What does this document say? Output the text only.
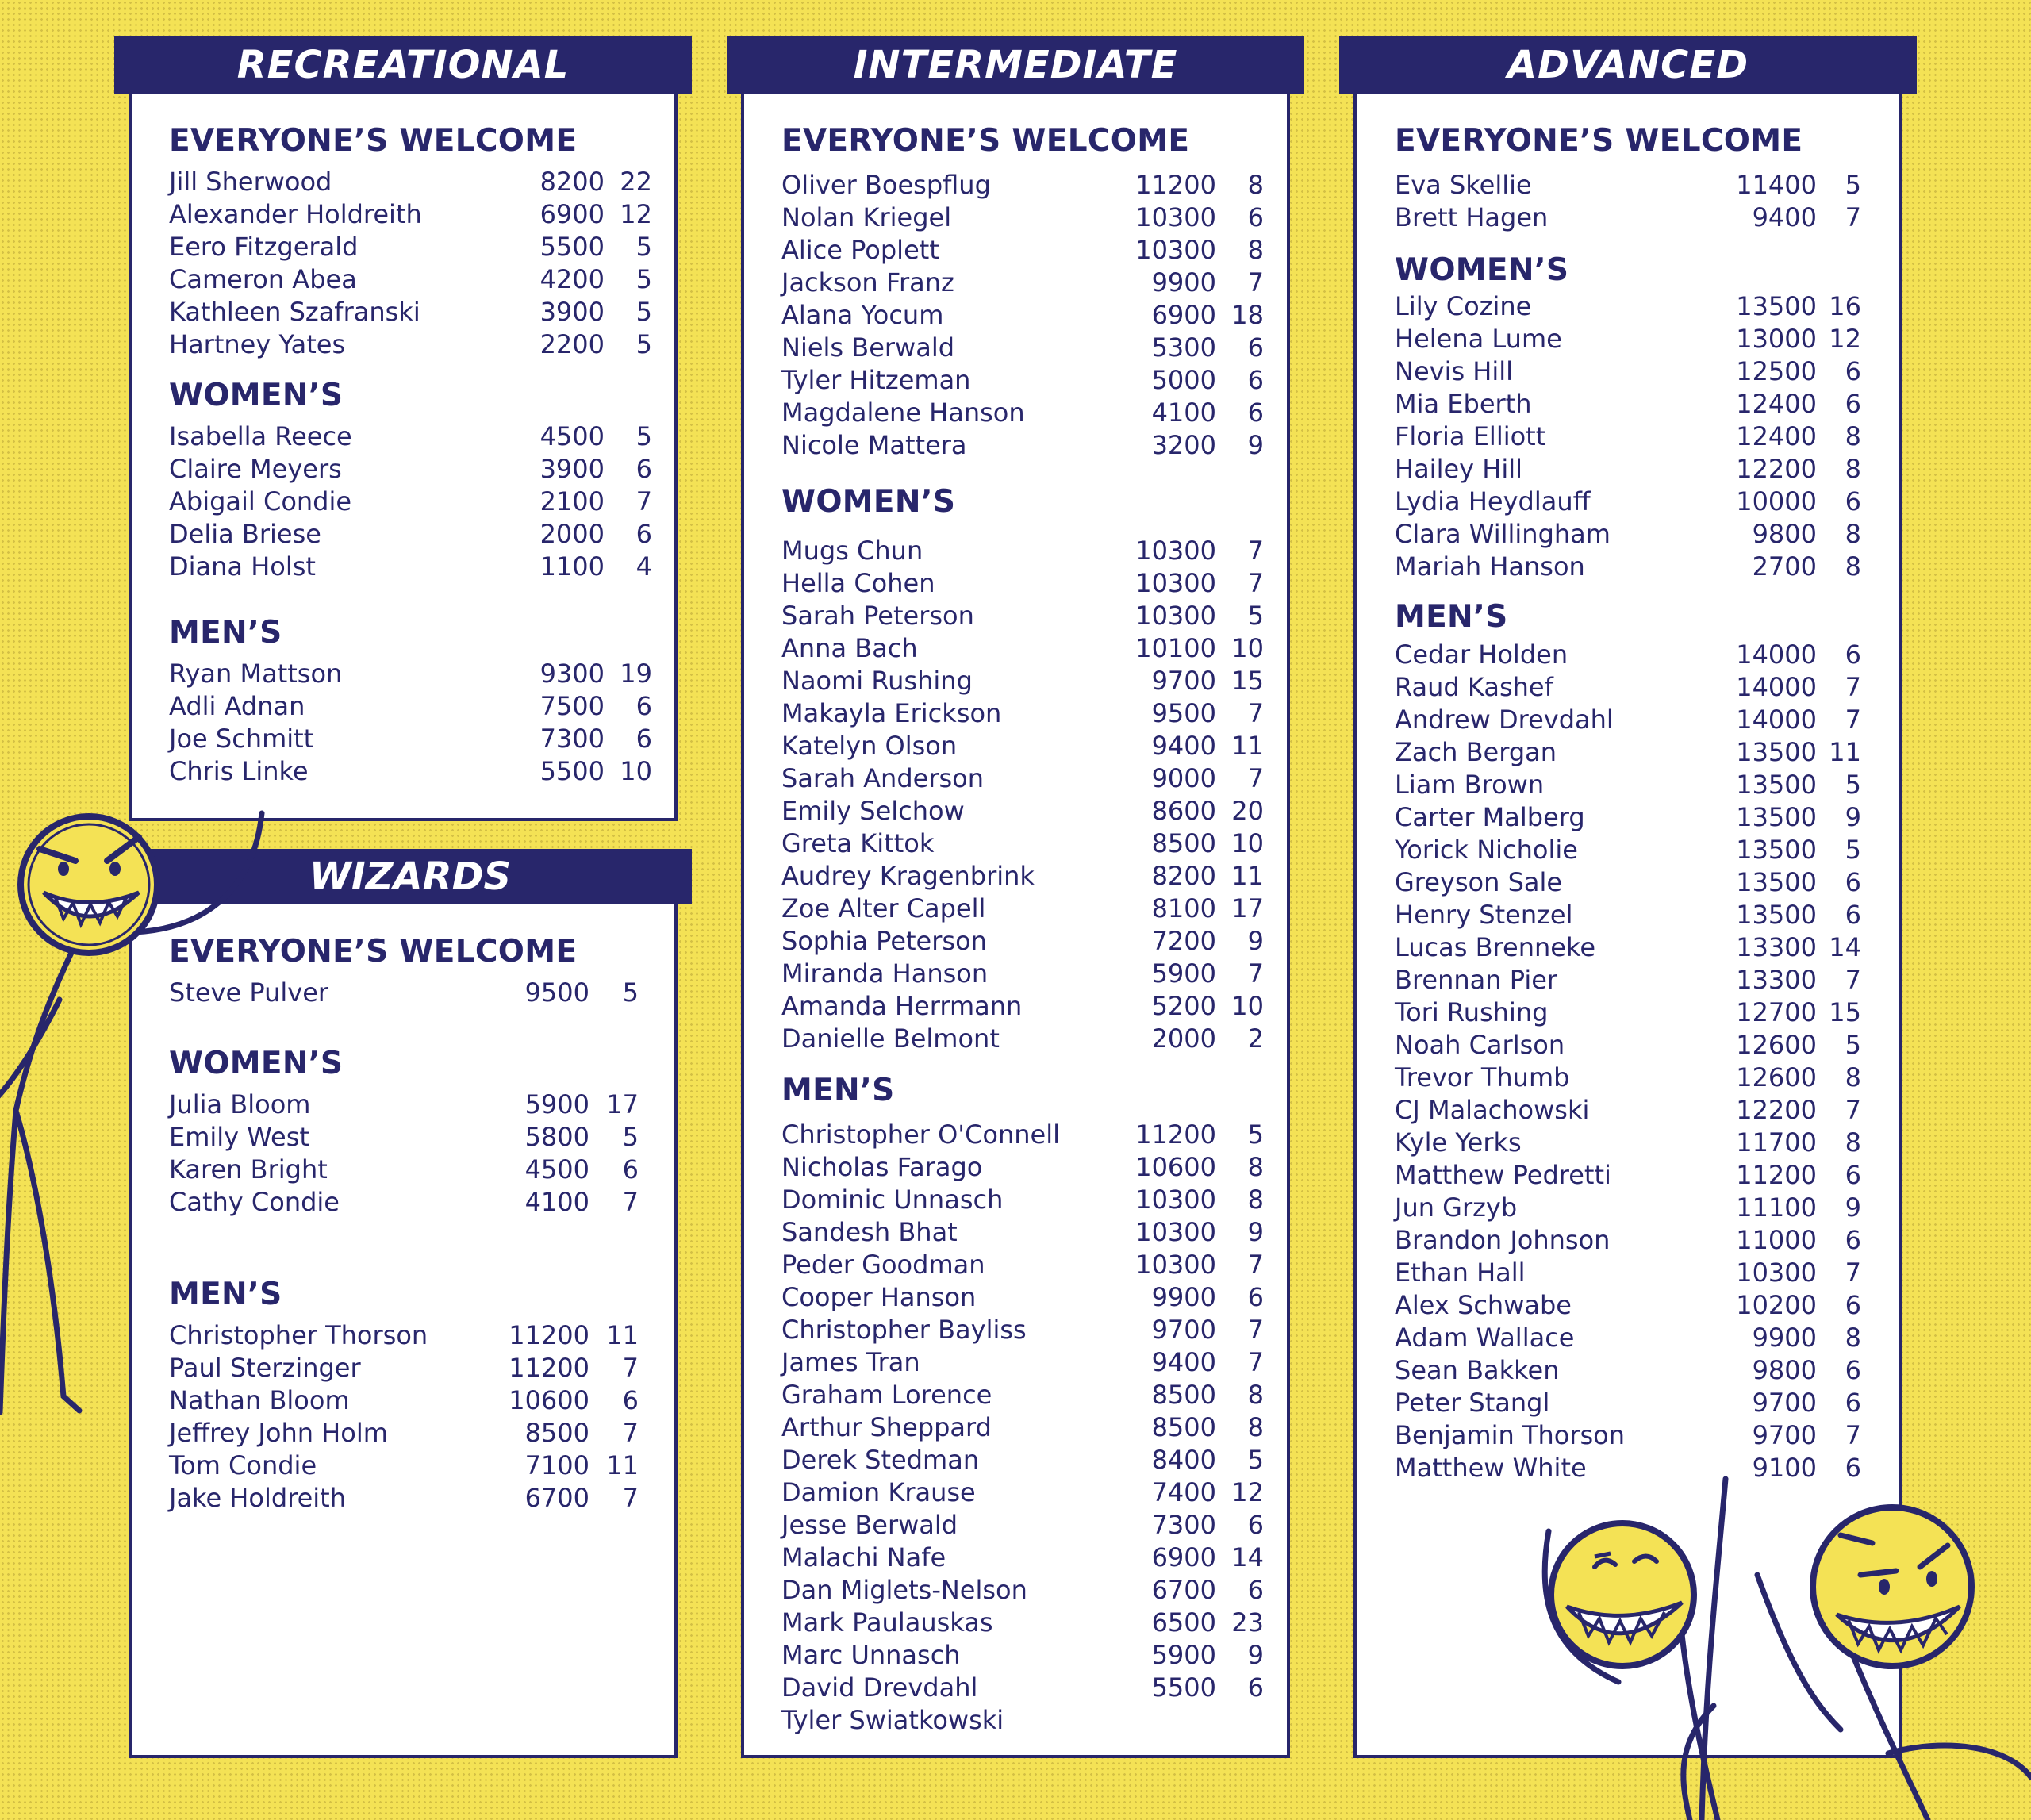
RECREATIONAL	INTERMEDIATE	ADVANCED
WIZARDS
EVERYONE’S WELCOME
Jill Sherwood	8200 22
Alexander Holdreith	6900 12
Eero Fitzgerald	5500 5
Cameron Abea	4200 5
Kathleen Szafranski	3900 5
Hartney Yates	2200 5
WOMEN’S
Isabella Reece	4500 5
Claire Meyers	3900 6
Abigail Condie	2100 7
Delia Briese	2000 6
Diana Holst	1100 4
MEN’S
Ryan Mattson	9300 19
Adli Adnan	7500 6
Joe Schmitt	7300 6
Chris Linke	5500 10
EVERYONE’S WELCOME
Steve Pulver	9500 5
WOMEN’S
Julia Bloom	5900 17
Emily West	5800 5
Karen Bright	4500 6
Cathy Condie	4100 7
MEN’S
Christopher Thorson	11200 11
Paul Sterzinger	11200 7
Nathan Bloom	10600 6
Jeffrey John Holm	8500 7
Tom Condie	7100 11
Jake Holdreith	6700 7
EVERYONE’S WELCOME
Oliver Boespflug	11200 8
Nolan Kriegel	10300 6
Alice Poplett	10300 8
Jackson Franz	9900 7
Alana Yocum	6900 18
Niels Berwald	5300 6
Tyler Hitzeman	5000 6
Magdalene Hanson	4100 6
Nicole Mattera	3200 9
WOMEN’S
Mugs Chun	10300 7
Hella Cohen	10300 7
Sarah Peterson	10300 5
Anna Bach	10100 10
Naomi Rushing	9700 15
Makayla Erickson	9500 7
Katelyn Olson	9400 11
Sarah Anderson	9000 7
Emily Selchow	8600 20
Greta Kittok	8500 10
Audrey Kragenbrink	8200 11
Zoe Alter Capell	8100 17
Sophia Peterson	7200 9
Miranda Hanson	5900 7
Amanda Herrmann	5200 10
Danielle Belmont	2000 2
MEN’S
Christopher O'Connell	11200 5
Nicholas Farago	10600 8
Dominic Unnasch	10300 8
Sandesh Bhat	10300 9
Peder Goodman	10300 7
Cooper Hanson	9900 6
Christopher Bayliss	9700 7
James Tran	9400 7
Graham Lorence	8500 8
Arthur Sheppard	8500 8
Derek Stedman	8400 5
Damion Krause	7400 12
Jesse Berwald	7300 6
Malachi Nafe	6900 14
Dan Miglets-Nelson	6700 6
Mark Paulauskas	6500 23
Marc Unnasch	5900 9
David Drevdahl	5500 6
Tyler Swiatkowski
EVERYONE’S WELCOME
Eva Skellie	11400 5
Brett Hagen	9400 7
WOMEN’S
Lily Cozine	13500 16
Helena Lume	13000 12
Nevis Hill	12500 6
Mia Eberth	12400 6
Floria Elliott	12400 8
Hailey Hill	12200 8
Lydia Heydlauff	10000 6
Clara Willingham	9800 8
Mariah Hanson	2700 8
MEN’S
Cedar Holden	14000 6
Raud Kashef	14000 7
Andrew Drevdahl	14000 7
Zach Bergan	13500 11
Liam Brown	13500 5
Carter Malberg	13500 9
Yorick Nicholie	13500 5
Greyson Sale	13500 6
Henry Stenzel	13500 6
Lucas Brenneke	13300 14
Brennan Pier	13300 7
Tori Rushing	12700 15
Noah Carlson	12600 5
Trevor Thumb	12600 8
CJ Malachowski	12200 7
Kyle Yerks	11700 8
Matthew Pedretti	11200 6
Jun Grzyb	11100 9
Brandon Johnson	11000 6
Ethan Hall	10300 7
Alex Schwabe	10200 6
Adam Wallace	9900 8
Sean Bakken	9800 6
Peter Stangl	9700 6
Benjamin Thorson	9700 7
Matthew White	9100 6
